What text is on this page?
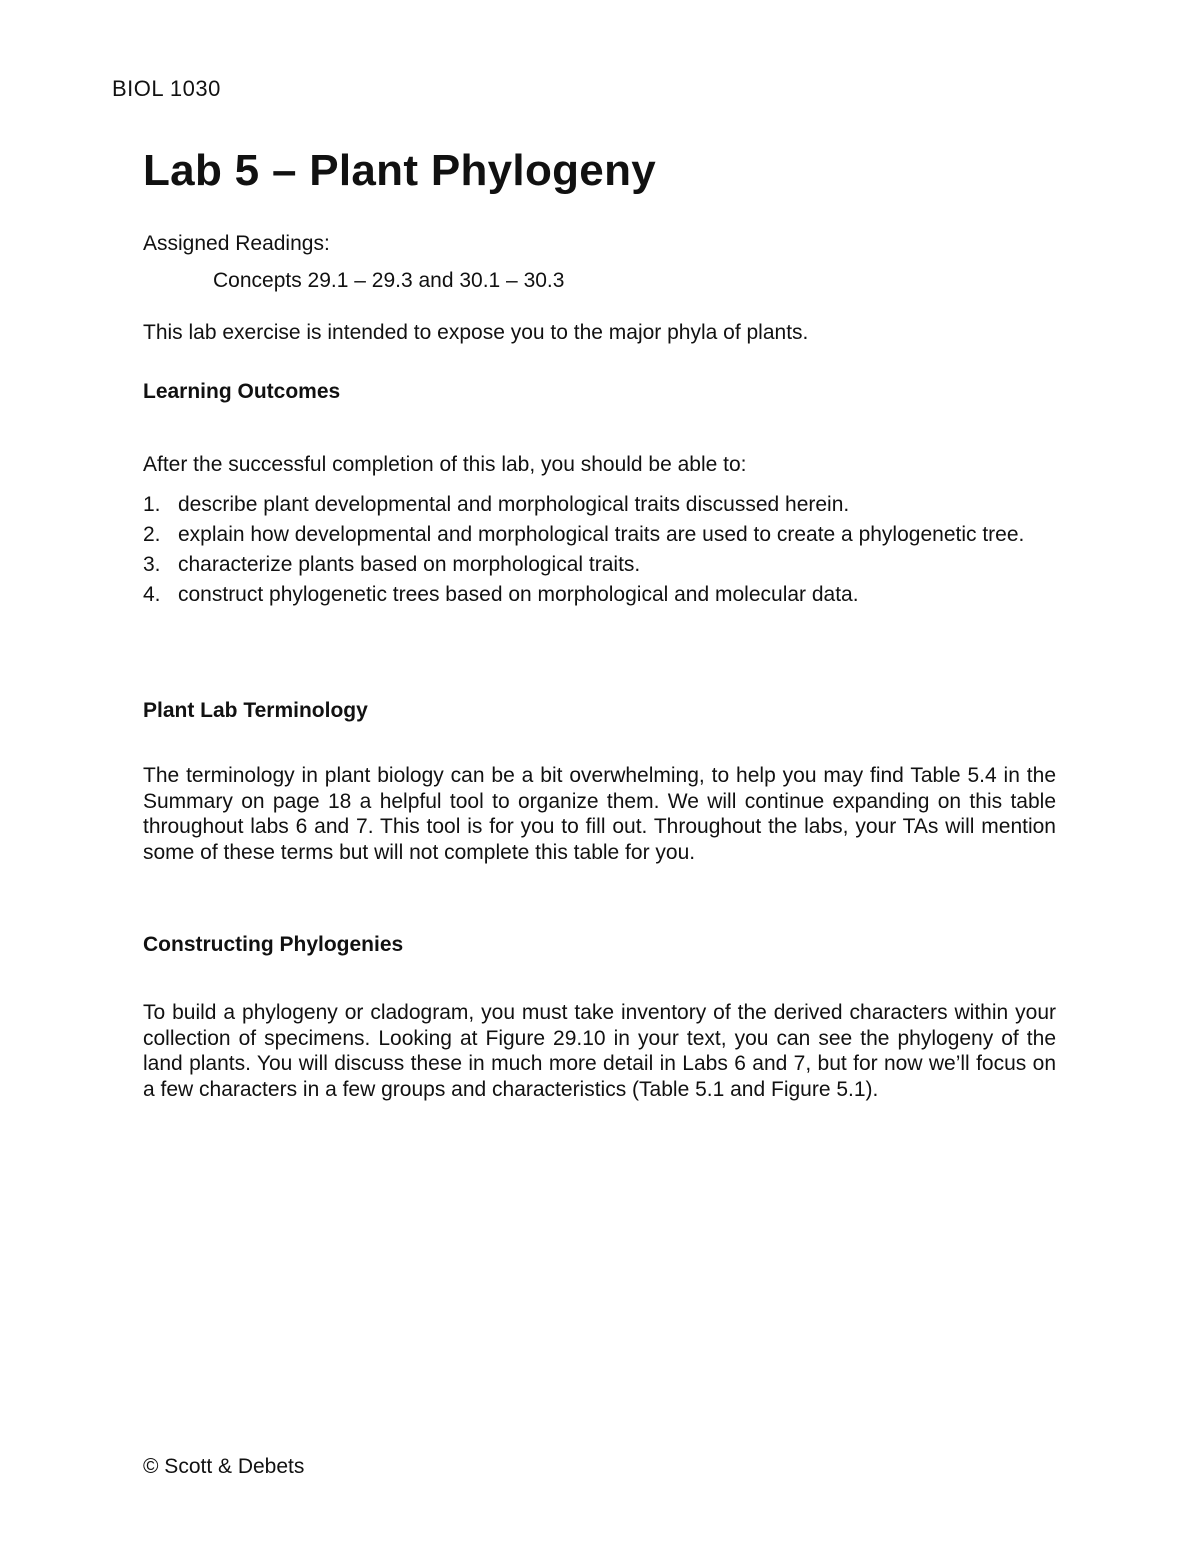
BIOL 1030
Lab 5 – Plant Phylogeny
Assigned Readings:
Concepts 29.1 – 29.3 and 30.1 – 30.3

This lab exercise is intended to expose you to the major phyla of plants.

Learning Outcomes

After the successful completion of this lab, you should be able to:

1. describe plant developmental and morphological traits discussed herein.
2. explain how developmental and morphological traits are used to create a phylogenetic tree.
3. characterize plants based on morphological traits.
4. construct phylogenetic trees based on morphological and molecular data.
Plant Lab Terminology

The terminology in plant biology can be a bit overwhelming, to help you may find Table 5.4 in the Summary on page 18 a helpful tool to organize them. We will continue expanding on this table throughout labs 6 and 7. This tool is for you to fill out. Throughout the labs, your TAs will mention some of these terms but will not complete this table for you.

Constructing Phylogenies

To build a phylogeny or cladogram, you must take inventory of the derived characters within your collection of specimens. Looking at Figure 29.10 in your text, you can see the phylogeny of the land plants. You will discuss these in much more detail in Labs 6 and 7, but for now we’ll focus on a few characters in a few groups and characteristics (Table 5.1 and Figure 5.1).

© Scott & Debets
